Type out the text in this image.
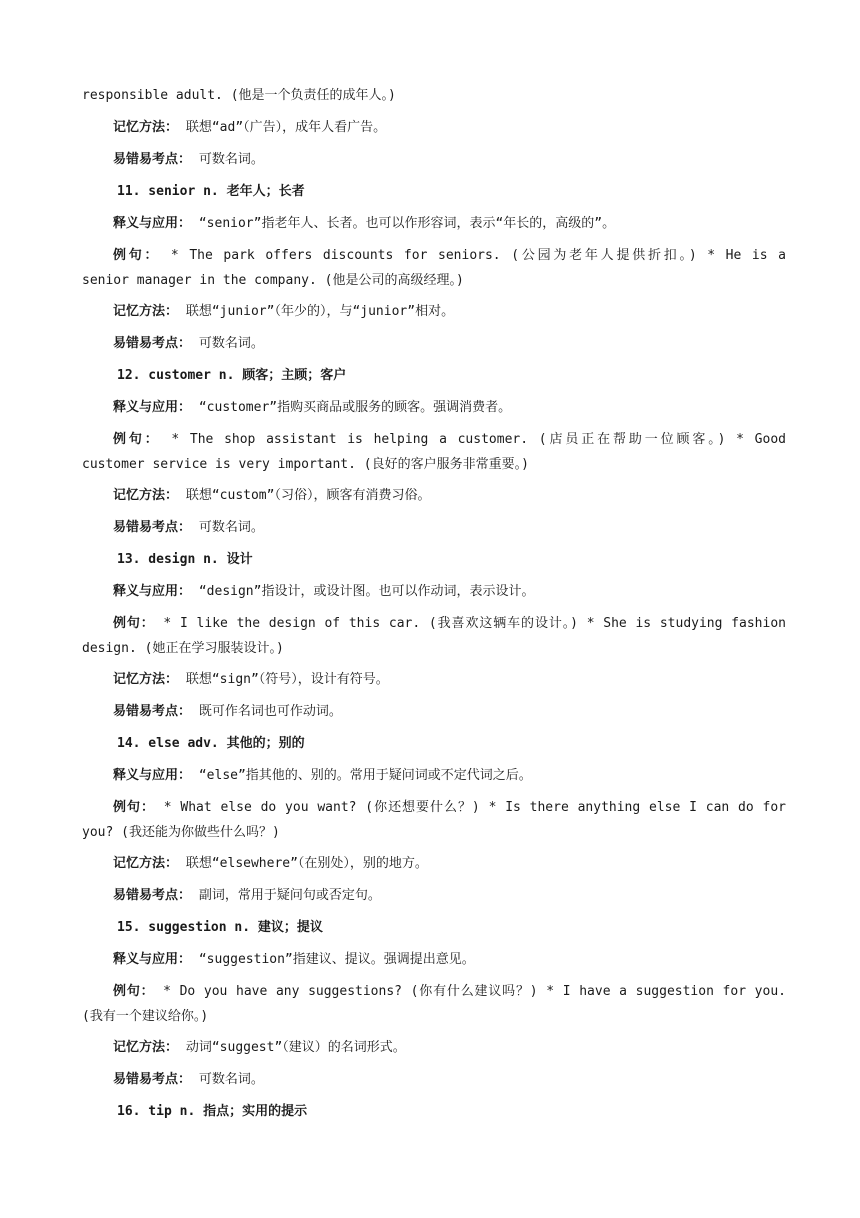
responsible adult. (他是一个负责任的成年人。)
记忆方法： 联想“ad”（广告），成年人看广告。
易错易考点： 可数名词。
11. senior n. 老年人；长者
释义与应用： “senior”指老年人、长者。也可以作形容词，表示“年长的，高级的”。
例句： * The park offers discounts for seniors. (公园为老年人提供折扣。) * He is a
senior manager in the company. (他是公司的高级经理。)
记忆方法： 联想“junior”（年少的），与“junior”相对。
易错易考点： 可数名词。
12. customer n. 顾客；主顾；客户
释义与应用： “customer”指购买商品或服务的顾客。强调消费者。
例句： * The shop assistant is helping a customer. (店员正在帮助一位顾客。) * Good
customer service is very important. (良好的客户服务非常重要。)
记忆方法： 联想“custom”（习俗），顾客有消费习俗。
易错易考点： 可数名词。
13. design n. 设计
释义与应用： “design”指设计，或设计图。也可以作动词，表示设计。
例句： * I like the design of this car. (我喜欢这辆车的设计。) * She is studying fashion
design. (她正在学习服装设计。)
记忆方法： 联想“sign”（符号），设计有符号。
易错易考点： 既可作名词也可作动词。
14. else adv. 其他的；别的
释义与应用： “else”指其他的、别的。常用于疑问词或不定代词之后。
例句： * What else do you want? (你还想要什么？) * Is there anything else I can do for
you? (我还能为你做些什么吗？)
记忆方法： 联想“elsewhere”（在别处），别的地方。
易错易考点： 副词，常用于疑问句或否定句。
15. suggestion n. 建议；提议
释义与应用： “suggestion”指建议、提议。强调提出意见。
例句： * Do you have any suggestions? (你有什么建议吗？) * I have a suggestion for you.
(我有一个建议给你。)
记忆方法： 动词“suggest”（建议）的名词形式。
易错易考点： 可数名词。
16. tip n. 指点；实用的提示
